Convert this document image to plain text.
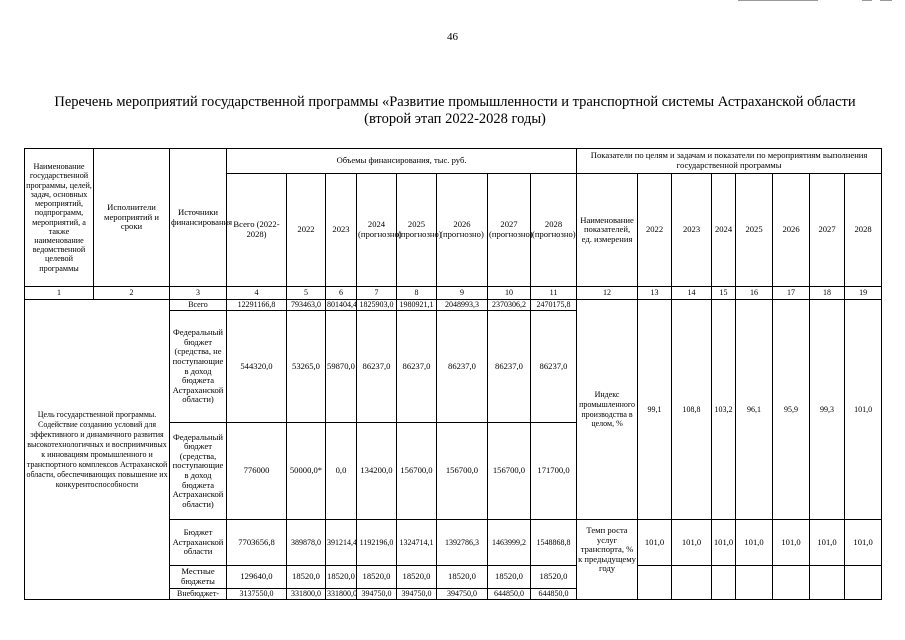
46
Перечень мероприятий государственной программы «Развитие промышленности и транспортной системы Астраханской области
(второй этап 2022-2028 годы)
Наименование государственной программы, целей, задач, основных мероприятий, подпрограмм, мероприятий, а также наименование ведомственной целевой программы	Исполнители мероприятий и сроки	Источники финансирования	Объемы финансирования, тыс. руб.								Показатели по целям и задачам и показатели по мероприятиям выполнения государственной программы							
			Всего (2022-2028)	2022	2023	2024 (прогнозно)	2025 (прогнозно)	2026 (прогнозно)	2027 (прогнозно)	2028 (прогнозно)	Наименование показателей, ед. измерения	2022	2023	2024	2025	2026	2027	2028
1	2	3	4	5	6	7	8	9	10	11	12	13	14	15	16	17	18	19
Цель государственной программы. Содействие созданию условий для эффективного и динамичного развития высокотехнологичных и восприимчивых к инновациям промышленного и транспортного комплексов Астраханской области, обеспечивающих повышение их конкурентоспособности		Всего	12291166,8	793463,0	801404,4	1825903,0	1980921,1	2048993,3	2370306,2	2470175,8	Индекс промышленного производства в целом, %	99,1	108,8	103,2	96,1	95,9	99,3	101,0
		Федеральный бюджет (средства, не поступающие в доход бюджета Астраханской области)	544320,0	53265,0	59870,0	86237,0	86237,0	86237,0	86237,0	86237,0								
		Федеральный бюджет (средства, поступающие в доход бюджета Астраханской области)	776000	50000,0*	0,0	134200,0	156700,0	156700,0	156700,0	171700,0								
		Бюджет Астраханской области	7703656,8	389878,0	391214,4	1192196,0	1324714,1	1392786,3	1463999,2	1548868,8	Темп роста услуг транспорта, % к предыдущему году	101,0	101,0	101,0	101,0	101,0	101,0	101,0
		Местные бюджеты	129640,0	18520,0	18520,0	18520,0	18520,0	18520,0	18520,0	18520,0								
		Внебюджет-	3137550,0	331800,0	331800,0	394750,0	394750,0	394750,0	644850,0	644850,0								
